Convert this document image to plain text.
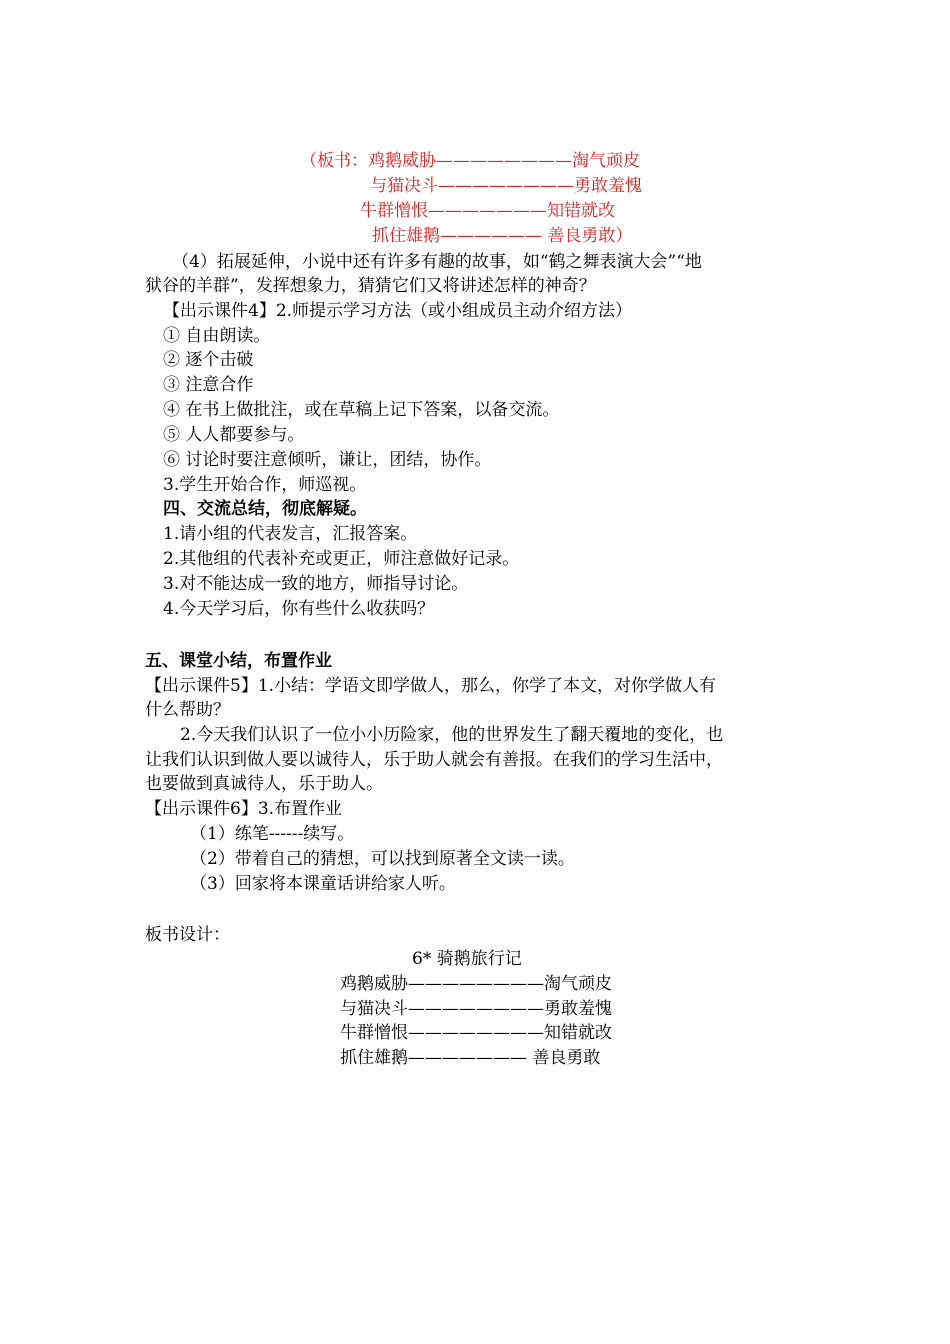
（板书：鸡鹅威胁————————淘气顽皮
与猫决斗————————勇敢羞愧
牛群憎恨———————知错就改
抓住雄鹅—————— 善良勇敢）
（4）拓展延伸，小说中还有许多有趣的故事，如“鹤之舞表演大会”“地
狱谷的羊群”，发挥想象力，猜猜它们又将讲述怎样的神奇？
【出示课件4】2.师提示学习方法（或小组成员主动介绍方法）
① 自由朗读。
② 逐个击破
③ 注意合作
④ 在书上做批注，或在草稿上记下答案，以备交流。
⑤ 人人都要参与。
⑥ 讨论时要注意倾听，谦让，团结，协作。
3.学生开始合作，师巡视。
四、交流总结，彻底解疑。
1.请小组的代表发言，汇报答案。
2.其他组的代表补充或更正，师注意做好记录。
3.对不能达成一致的地方，师指导讨论。
4.今天学习后，你有些什么收获吗？
五、课堂小结，布置作业
【出示课件5】1.小结：学语文即学做人，那么，你学了本文，对你学做人有
什么帮助？
2.今天我们认识了一位小小历险家，他的世界发生了翻天覆地的变化，也
让我们认识到做人要以诚待人，乐于助人就会有善报。在我们的学习生活中，
也要做到真诚待人，乐于助人。
【出示课件6】3.布置作业
（1）练笔------续写。
（2）带着自己的猜想，可以找到原著全文读一读。
（3）回家将本课童话讲给家人听。
板书设计：
6* 骑鹅旅行记
鸡鹅威胁————————淘气顽皮
与猫决斗————————勇敢羞愧
牛群憎恨————————知错就改
抓住雄鹅——————— 善良勇敢
